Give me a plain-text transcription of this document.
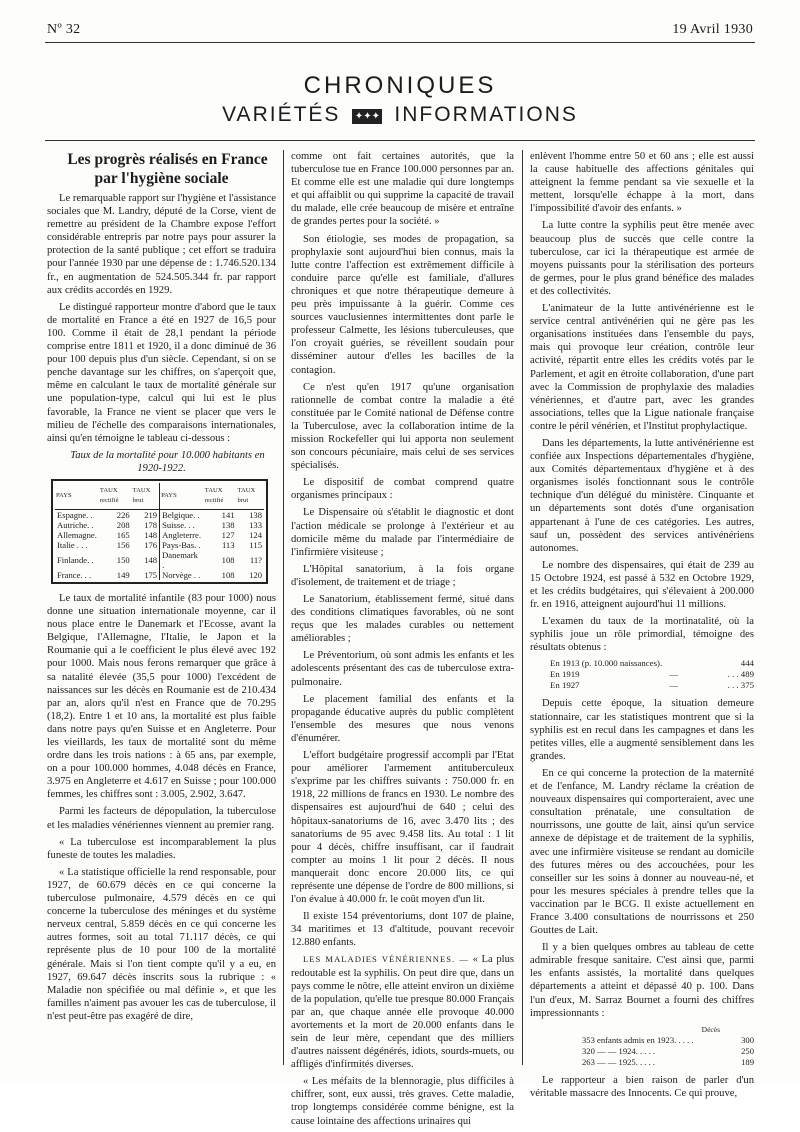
Nº 32	19 Avril 1930
CHRONIQUES
VARIÉTÉS ✦✦✦ INFORMATIONS

Les progrès réalisés en France par l'hygiène sociale

Le remarquable rapport sur l'hygiène et l'assistance sociales que M. Landry, député de la Corse, vient de remettre au président de la Chambre expose l'effort considérable entrepris par notre pays pour assurer la protection de la santé publique ; cet effort se traduira pour l'année 1930 par une dépense de : 1.746.520.134 fr., en augmentation de 524.505.344 fr. par rapport aux crédits accordés en 1929.

Le distingué rapporteur montre d'abord que le taux de mortalité en France a été en 1927 de 16,5 pour 100. Comme il était de 28,1 pendant la période comprise entre 1811 et 1920, il a donc diminué de 36 pour 100 depuis plus d'un siècle. Cependant, si on se penche davantage sur les chiffres, on s'aperçoit que, même en calculant le taux de mortalité générale sur une population-type, calcul qui lui est le plus favorable, la France ne vient se placer que vers le milieu de l'échelle des comparaisons internationales, ainsi qu'en témoigne le tableau ci-dessous :

Taux de la mortalité pour 10.000 habitants en 1920-1922.

PAYS	TAUX rectifié	TAUX brut	PAYS	TAUX rectifié	TAUX brut
Espagne. .	226	219	Belgique. .	141	138
Autriche. .	208	178	Suisse. . .	138	133
Allemagne.	165	148	Angleterre.	127	124
Italie . . .	156	176	Pays-Bas. .	113	115
Finlande. .	150	148	Danemark .	108	11?
France. . .	149	175	Norvège . .	108	120

Le taux de mortalité infantile (83 pour 1000) nous donne une situation internationale moyenne, car il nous place entre le Danemark et l'Ecosse, avant la Belgique, l'Allemagne, l'Italie, le Japon et la Roumanie qui a le coefficient le plus élevé avec 192 pour 1000. Mais nous ferons remarquer que grâce à sa natalité élevée (35,5 pour 1000) l'excédent de naissances sur les décès en Roumanie est de 210.434 par an, alors qu'il n'est en France que de 70.295 (18,2). Entre 1 et 10 ans, la mortalité est plus faible dans notre pays qu'en Suisse et en Angleterre. Pour les vieillards, les taux de mortalité sont du même ordre dans les trois nations : à 65 ans, par exemple, on a pour 100.000 hommes, 4.048 décès en France, 3.975 en Angleterre et 4.617 en Suisse ; pour 100.000 femmes, les chiffres sont : 3.005, 2.902, 3.647.

Parmi les facteurs de dépopulation, la tuberculose et les maladies vénériennes viennent au premier rang.

« La tuberculose est incomparablement la plus funeste de toutes les maladies.

« La statistique officielle la rend responsable, pour 1927, de 60.679 décès en ce qui concerne la tuberculose pulmonaire, 4.579 décès en ce qui concerne la tuberculose des méninges et du système nerveux central, 5.859 décès en ce qui concerne les autres formes, soit au total 71.117 décès, ce qui représente plus de 10 pour 100 de la mortalité générale. Mais si l'on tient compte qu'il y a eu, en 1927, 69.647 décès inscrits sous la rubrique : « Maladie non spécifiée ou mal définie », et que les familles n'aiment pas avouer les cas de tuberculose, il n'est peut-être pas exagéré de dire,

comme ont fait certaines autorités, que la tuberculose tue en France 100.000 personnes par an. Et comme elle est une maladie qui dure longtemps et qui affaiblit ou qui supprime la capacité de travail du malade, elle crée beaucoup de misère et entraîne de grandes pertes pour la société. »

Son étiologie, ses modes de propagation, sa prophylaxie sont aujourd'hui bien connus, mais la lutte contre l'affection est extrêmement difficile à conduire parce qu'elle est familiale, d'allures chroniques et que notre thérapeutique demeure à peu près impuissante à la guérir. Comme ces sources vauclusiennes intermittentes dont parle le professeur Calmette, les lésions tuberculeuses, que l'on croyait guéries, se réveillent soudain pour disséminer autour d'elles les bacilles de la contagion.

Ce n'est qu'en 1917 qu'une organisation rationnelle de combat contre la maladie a été constituée par le Comité national de Défense contre la Tuberculose, avec la collaboration intime de la mission Rockefeller qui lui apporta non seulement son concours pécuniaire, mais celui de ses services spécialisés.

Le dispositif de combat comprend quatre organismes principaux :

Le Dispensaire où s'établit le diagnostic et dont l'action médicale se prolonge à l'extérieur et au domicile même du malade par l'intermédiaire de l'infirmière visiteuse ;

L'Hôpital sanatorium, à la fois organe d'isolement, de traitement et de triage ;

Le Sanatorium, établissement fermé, situé dans des conditions climatiques favorables, où ne sont reçus que les malades curables ou nettement améliorables ;

Le Préventorium, où sont admis les enfants et les adolescents présentant des cas de tuberculose extra-pulmonaire.

Le placement familial des enfants et la propagande éducative auprès du public complètent l'ensemble des mesures que nous venons d'énumérer.

L'effort budgétaire progressif accompli par l'Etat pour améliorer l'armement antituberculeux s'exprime par les chiffres suivants : 750.000 fr. en 1918, 22 millions de francs en 1930. Le nombre des dispensaires est aujourd'hui de 640 ; celui des hôpitaux-sanatoriums de 16, avec 3.470 lits ; des sanatoriums de 95 avec 9.458 lits. Au total : 1 lit pour 4 décès, chiffre insuffisant, car il faudrait compter au moins 1 lit pour 2 décès. Il nous manquerait donc encore 20.000 lits, ce qui représente une dépense de l'ordre de 800 millions, si l'on évalue à 40.000 fr. le coût moyen d'un lit.

Il existe 154 préventoriums, dont 107 de plaine, 34 maritimes et 13 d'altitude, pouvant recevoir 12.880 enfants.

LES MALADIES VÉNÉRIENNES. — « La plus redoutable est la syphilis. On peut dire que, dans un pays comme le nôtre, elle atteint environ un dixième de la population, qu'elle tue presque 80.000 Français par an, que chaque année elle provoque 40.000 avortements et la mort de 20.000 enfants dans le sein de leur mère, cependant que des milliers d'autres naissent dégénérés, idiots, sourds-muets, ou affligés d'infirmités diverses.

« Les méfaits de la blennoragie, plus difficiles à chiffrer, sont, eux aussi, très graves. Cette maladie, trop longtemps considérée comme bénigne, est la cause lointaine des affections urinaires qui

enlèvent l'homme entre 50 et 60 ans ; elle est aussi la cause habituelle des affections génitales qui atteignent la femme pendant sa vie sexuelle et la mettent, lorsqu'elle échappe à la mort, dans l'impossibilité d'avoir des enfants. »

La lutte contre la syphilis peut être menée avec beaucoup plus de succès que celle contre la tuberculose, car ici la thérapeutique est armée de moyens puissants pour la stérilisation des porteurs de germes, pour le plus grand bénéfice des malades et des collectivités.

L'animateur de la lutte antivénérienne est le service central antivénérien qui ne gère pas les organisations instituées dans l'ensemble du pays, mais qui provoque leur création, contrôle leur activité, répartit entre elles les crédits votés par le Parlement, et agit en étroite collaboration, d'une part avec la Commission de prophylaxie des maladies vénériennes, et d'autre part, avec les grandes associations, telles que la Ligue nationale française contre le péril vénérien, et l'Institut prophylactique.

Dans les départements, la lutte antivénérienne est confiée aux Inspections départementales d'hygiène, aux Comités départementaux d'hygiène et à des organismes isolés fonctionnant sous le contrôle technique d'un délégué du ministère. Cinquante et un départements sont dotés d'une organisation appartenant à l'une de ces catégories. Les autres, sauf un, possèdent des services antivénériens autonomes.

Le nombre des dispensaires, qui était de 239 au 15 Octobre 1924, est passé à 532 en Octobre 1929, et les crédits budgétaires, qui s'élevaient à 200.000 fr. en 1916, atteignent aujourd'hui 11 millions.

L'examen du taux de la mortinatalité, où la syphilis joue un rôle primordial, témoigne des résultats obtenus :

En 1913 (p. 10.000 naissances).	444
En 1919	—	. . . 489
En 1927	—	. . . 375

Depuis cette époque, la situation demeure stationnaire, car les statistiques montrent que si la syphilis est en recul dans les campagnes et dans les petites villes, elle a augmenté sensiblement dans les grandes.

En ce qui concerne la protection de la maternité et de l'enfance, M. Landry réclame la création de nouveaux dispensaires qui comporteraient, avec une consultation prénatale, une consultation de nourrissons, une goutte de lait, ainsi qu'un service annexe de dépistage et de traitement de la syphilis, avec une infirmière visiteuse se rendant au domicile des futures mères ou des accouchées, pour les conseiller sur les soins à donner au nouveau-né, et pour les mesures spéciales à prendre telles que la vaccination par le BCG. Il existe actuellement en France 3.400 consultations de nourrissons et 250 Gouttes de Lait.

Il y a bien quelques ombres au tableau de cette admirable fresque sanitaire. C'est ainsi que, parmi les enfants assistés, la mortalité dans quelques départements a atteint et dépassé 40 p. 100. Dans l'un d'eux, M. Sarraz Bournet a fourni des chiffres impressionnants :

Décès
353 enfants admis en 1923. . . . .	300
320 — — 1924. . . . .	250
263 — — 1925. . . . .	189

Le rapporteur a bien raison de parler d'un véritable massacre des Innocents. Ce qui prouve,
